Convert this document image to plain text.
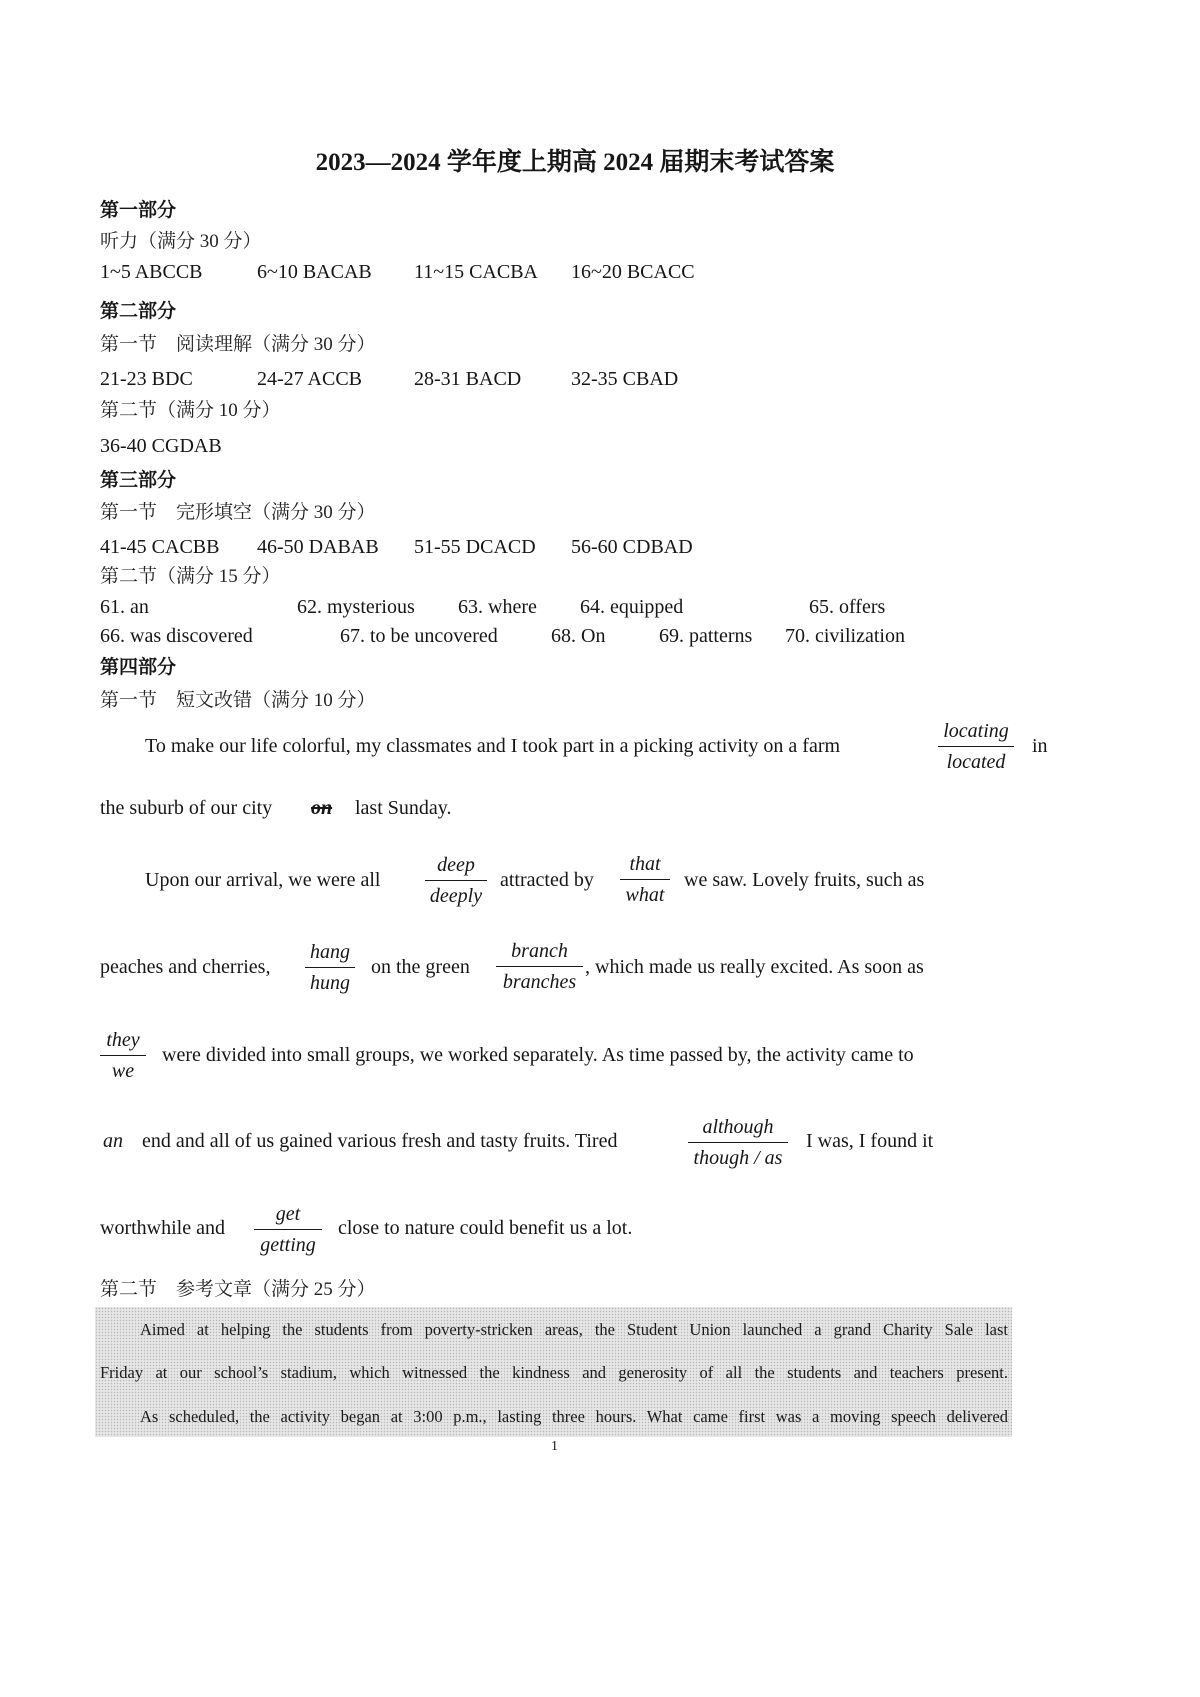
2023—2024 学年度上期高 2024 届期末考试答案
第一部分
听力（满分 30 分）
1~5 ABCCB	6~10 BACAB 11~15 CACBA 16~20 BCACC
第二部分
第一节　阅读理解（满分 30 分）
21-23 BDC	24-27 ACCB	28-31 BACD 32-35 CBAD
第二节（满分 10 分）
36-40 CGDAB
第三部分
第一节　完形填空（满分 30 分）
41-45 CACBB 46-50 DABAB 51-55 DCACD 56-60 CDBAD
第二节（满分 15 分）
61. an	62. mysterious 63. where 64. equipped	65. offers
66. was discovered	67. to be uncovered	68. On	69. patterns 70. civilization
第四部分
第一节　短文改错（满分 10 分）
To make our life colorful, my classmates and I took part in a picking activity on a farm
locating
located
in
the suburb of our city on last Sunday.
Upon our arrival, we were all
deep
deeply
attracted by
that
what
we saw. Lovely fruits, such as
peaches and cherries,
hang
hung
on the green
branch
branches
, which made us really excited. As soon as
they
we
were divided into small groups, we worked separately. As time passed by, the activity came to
an end and all of us gained various fresh and tasty fruits. Tired
although
though / as
I was, I found it
worthwhile and
get
getting
close to nature could benefit us a lot.
第二节　参考文章（满分 25 分）
Aimed at helping the students from poverty-stricken areas, the Student Union launched a grand Charity Sale last
Friday at our school’s stadium, which witnessed the kindness and generosity of all the students and teachers present.
As scheduled, the activity began at 3:00 p.m., lasting three hours. What came first was a moving speech delivered
1
